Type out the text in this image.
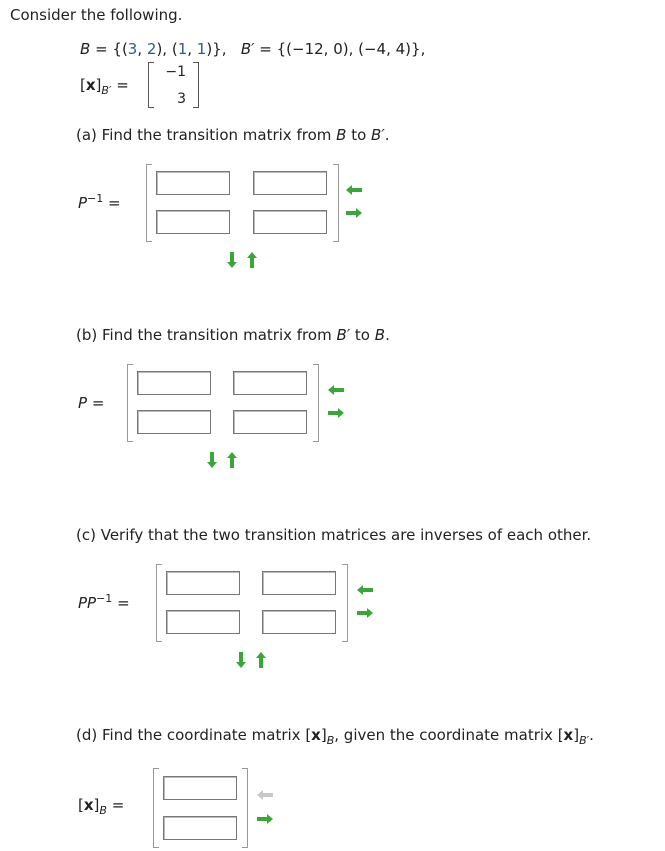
Consider the following.
B = {(3, 2), (1, 1)},   B′ = {(−12, 0), (−4, 4)},
$[x]_{B'}$ =
−1
3
(a) Find the transition matrix from B to B′.
$P^{-1}$ =
(b) Find the transition matrix from B′ to B.
P =
(c) Verify that the two transition matrices are inverses of each other.
$PP^{-1}$ =
(d) Find the coordinate matrix $[x]_B$, given the coordinate matrix $[x]_{B'}$.
$[x]_B$ =
